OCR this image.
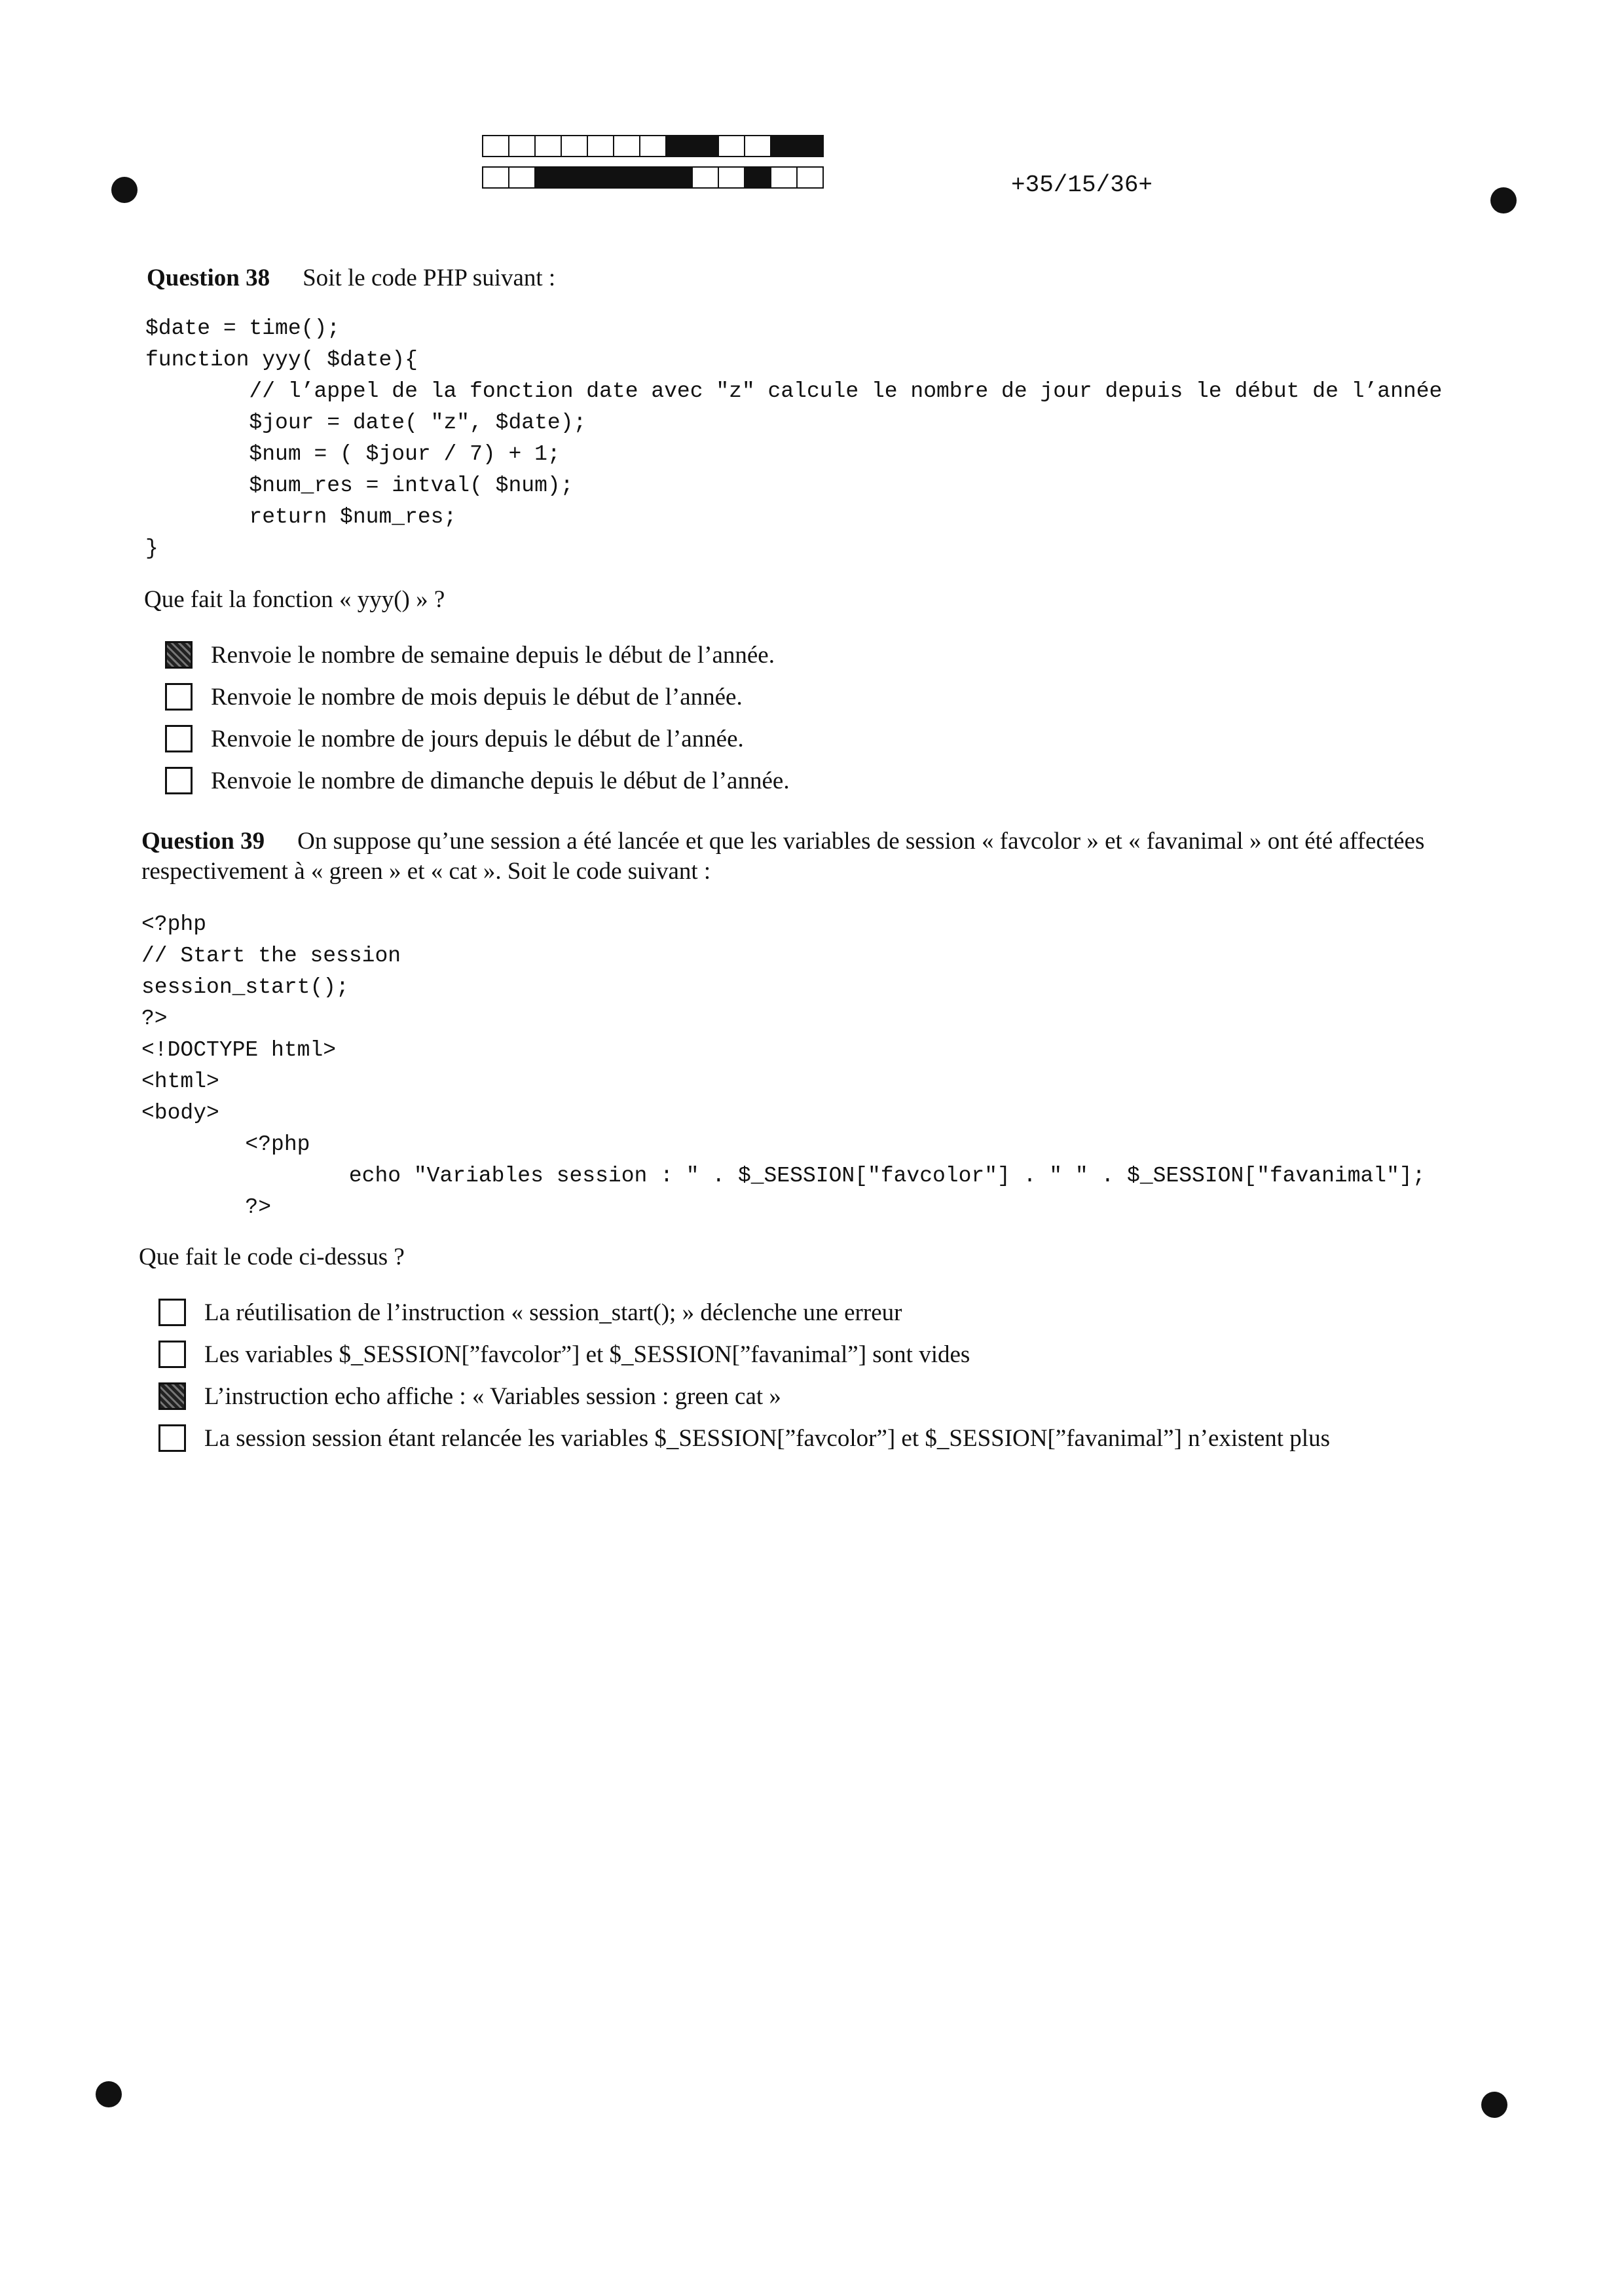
+35/15/36+
Question 38 Soit le code PHP suivant :
$date = time();
function yyy( $date){
// l’appel de la fonction date avec "z" calcule le nombre de jour depuis le début de l’année
$jour = date( "z", $date);
$num = ( $jour / 7) + 1;
$num_res = intval( $num);
return $num_res;
}
Que fait la fonction « yyy() » ?
Renvoie le nombre de semaine depuis le début de l’année.
Renvoie le nombre de mois depuis le début de l’année.
Renvoie le nombre de jours depuis le début de l’année.
Renvoie le nombre de dimanche depuis le début de l’année.
Question 39 On suppose qu’une session a été lancée et que les variables de session « favcolor » et « favanimal » ont été affectées respectivement à « green » et « cat ». Soit le code suivant :
<?php
// Start the session
session_start();
?>
<!DOCTYPE html>
<html>
<body>
<?php
echo "Variables session : " . $_SESSION["favcolor"] . " " . $_SESSION["favanimal"];
?>
Que fait le code ci-dessus ?
La réutilisation de l’instruction « session_start(); » déclenche une erreur
Les variables $_SESSION[”favcolor”] et $_SESSION[”favanimal”] sont vides
L’instruction echo affiche : « Variables session : green cat »
La session session étant relancée les variables $_SESSION[”favcolor”] et $_SESSION[”favanimal”] n’existent plus
